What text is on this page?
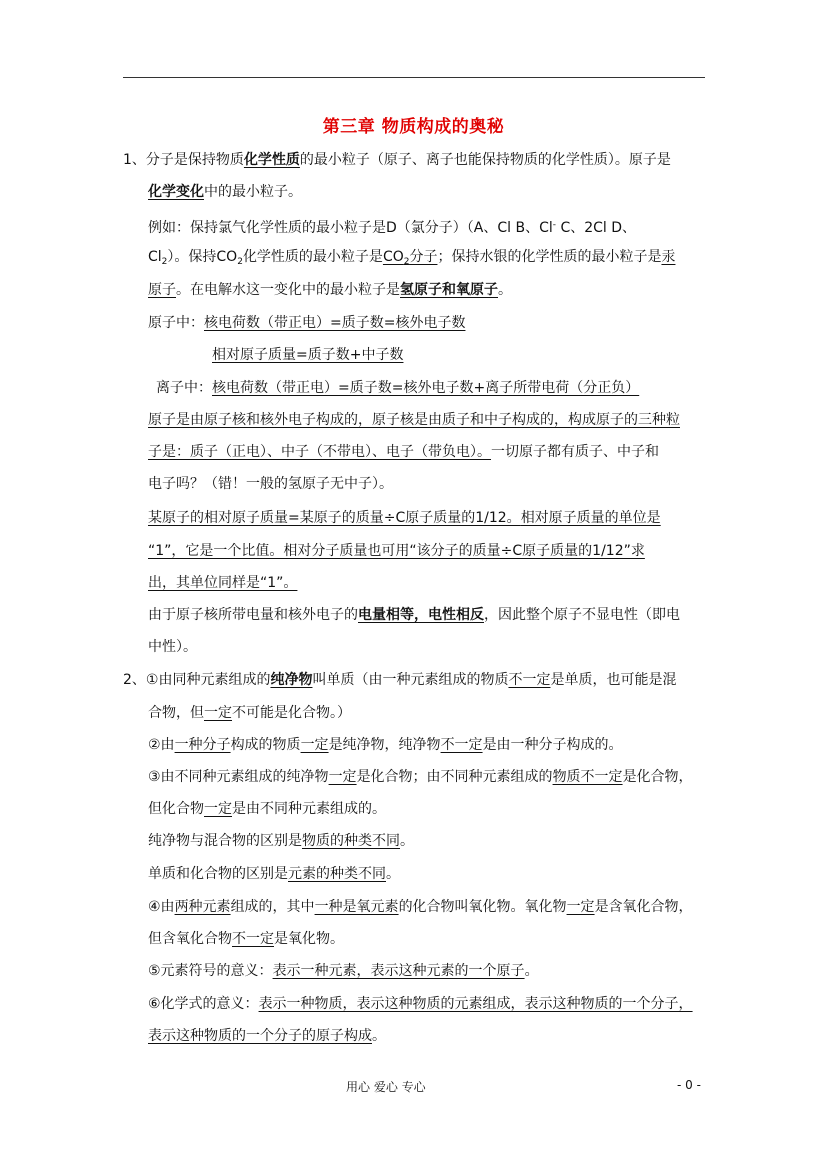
第三章 物质构成的奥秘
1、分子是保持物质化学性质的最小粒子（原子、离子也能保持物质的化学性质）。原子是
化学变化中的最小粒子。
例如：保持氯气化学性质的最小粒子是D（氯分子）（A、Cl B、Cl- C、2Cl D、
$Cl_2$）。保持$CO_2$化学性质的最小粒子是$CO_2$分子；保持水银的化学性质的最小粒子是汞
原子。在电解水这一变化中的最小粒子是氢原子和氧原子。
原子中：核电荷数（带正电）=质子数=核外电子数
相对原子质量=质子数+中子数
离子中：核电荷数（带正电）=质子数=核外电子数+离子所带电荷（分正负）
原子是由原子核和核外电子构成的，原子核是由质子和中子构成的，构成原子的三种粒
子是：质子（正电）、中子（不带电）、电子（带负电）。一切原子都有质子、中子和
电子吗？（错！一般的氢原子无中子）。
某原子的相对原子质量=某原子的质量÷C原子质量的1/12。相对原子质量的单位是
“1”，它是一个比值。相对分子质量也可用“该分子的质量÷C原子质量的1/12”求
出，其单位同样是“1”。
由于原子核所带电量和核外电子的电量相等，电性相反，因此整个原子不显电性（即电
中性）。
2、①由同种元素组成的纯净物叫单质（由一种元素组成的物质不一定是单质，也可能是混
合物，但一定不可能是化合物。）
②由一种分子构成的物质一定是纯净物，纯净物不一定是由一种分子构成的。
③由不同种元素组成的纯净物一定是化合物；由不同种元素组成的物质不一定是化合物，
但化合物一定是由不同种元素组成的。
纯净物与混合物的区别是物质的种类不同。
单质和化合物的区别是元素的种类不同。
④由两种元素组成的，其中一种是氧元素的化合物叫氧化物。氧化物一定是含氧化合物，
但含氧化合物不一定是氧化物。
⑤元素符号的意义：表示一种元素，表示这种元素的一个原子。
⑥化学式的意义：表示一种物质，表示这种物质的元素组成，表示这种物质的一个分子，
表示这种物质的一个分子的原子构成。
用心 爱心 专心	- 0 -
